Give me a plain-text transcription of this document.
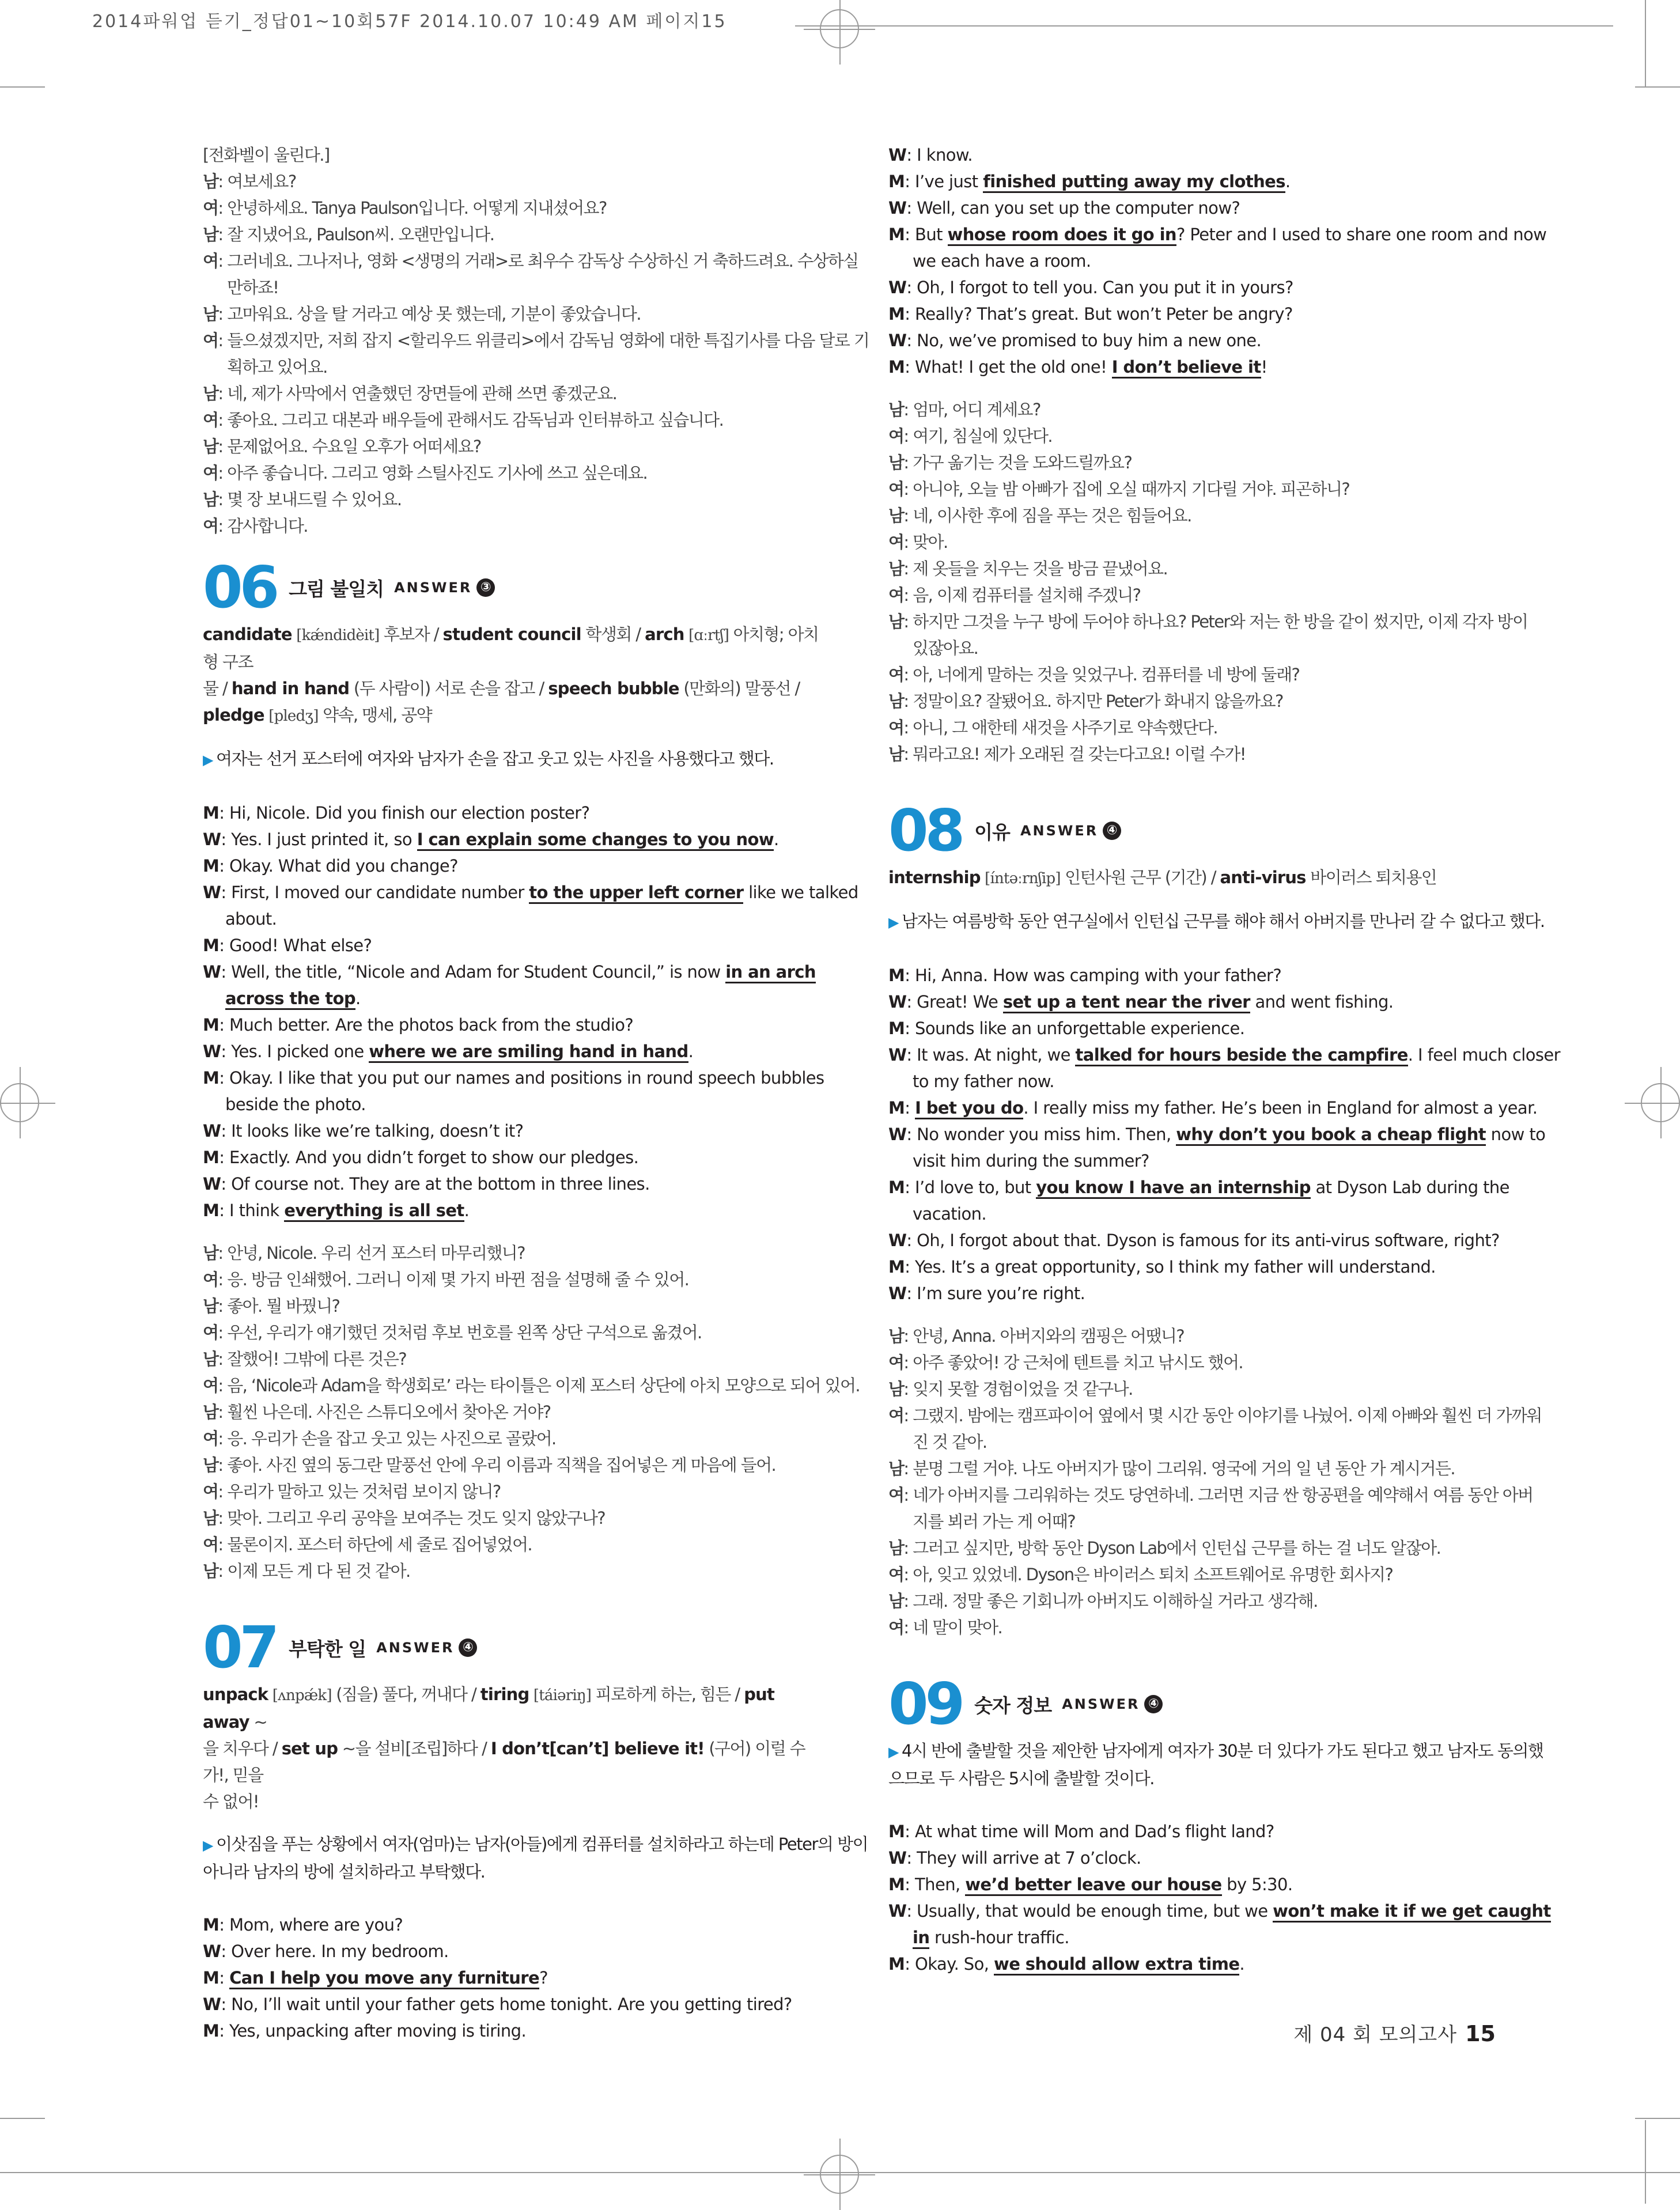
2014파워업 듣기_정답01~10회57F 2014.10.07 10:49 AM 페이지15
[전화벨이 울린다.]
남: 여보세요?
여: 안녕하세요. Tanya Paulson입니다. 어떻게 지내셨어요?
남: 잘 지냈어요, Paulson씨. 오랜만입니다.
여: 그러네요. 그나저나, 영화 <생명의 거래>로 최우수 감독상 수상하신 거 축하드려요. 수상하실
만하죠!
남: 고마워요. 상을 탈 거라고 예상 못 했는데, 기분이 좋았습니다.
여: 들으셨겠지만, 저희 잡지 <할리우드 위클리>에서 감독님 영화에 대한 특집기사를 다음 달로 기
획하고 있어요.
남: 네, 제가 사막에서 연출했던 장면들에 관해 쓰면 좋겠군요.
여: 좋아요. 그리고 대본과 배우들에 관해서도 감독님과 인터뷰하고 싶습니다.
남: 문제없어요. 수요일 오후가 어떠세요?
여: 아주 좋습니다. 그리고 영화 스틸사진도 기사에 쓰고 싶은데요.
남: 몇 장 보내드릴 수 있어요.
여: 감사합니다.
06 그림 불일치 ANSWER ③
candidate [kǽndidèit] 후보자 / student council 학생회 / arch [ɑːrtʃ] 아치형; 아치형 구조
물 / hand in hand (두 사람이) 서로 손을 잡고 / speech bubble (만화의) 말풍선 /
pledge [pledʒ] 약속, 맹세, 공약
▶ 여자는 선거 포스터에 여자와 남자가 손을 잡고 웃고 있는 사진을 사용했다고 했다.
M: Hi, Nicole. Did you finish our election poster?
W: Yes. I just printed it, so I can explain some changes to you now.
M: Okay. What did you change?
W: First, I moved our candidate number to the upper left corner like we talked
about.
M: Good! What else?
W: Well, the title, “Nicole and Adam for Student Council,” is now in an arch
across the top.
M: Much better. Are the photos back from the studio?
W: Yes. I picked one where we are smiling hand in hand.
M: Okay. I like that you put our names and positions in round speech bubbles
beside the photo.
W: It looks like we’re talking, doesn’t it?
M: Exactly. And you didn’t forget to show our pledges.
W: Of course not. They are at the bottom in three lines.
M: I think everything is all set.
남: 안녕, Nicole. 우리 선거 포스터 마무리했니?
여: 응. 방금 인쇄했어. 그러니 이제 몇 가지 바뀐 점을 설명해 줄 수 있어.
남: 좋아. 뭘 바꿨니?
여: 우선, 우리가 얘기했던 것처럼 후보 번호를 왼쪽 상단 구석으로 옮겼어.
남: 잘했어! 그밖에 다른 것은?
여: 음, ‘Nicole과 Adam을 학생회로’ 라는 타이틀은 이제 포스터 상단에 아치 모양으로 되어 있어.
남: 훨씬 나은데. 사진은 스튜디오에서 찾아온 거야?
여: 응. 우리가 손을 잡고 웃고 있는 사진으로 골랐어.
남: 좋아. 사진 옆의 동그란 말풍선 안에 우리 이름과 직책을 집어넣은 게 마음에 들어.
여: 우리가 말하고 있는 것처럼 보이지 않니?
남: 맞아. 그리고 우리 공약을 보여주는 것도 잊지 않았구나?
여: 물론이지. 포스터 하단에 세 줄로 집어넣었어.
남: 이제 모든 게 다 된 것 같아.
07 부탁한 일 ANSWER ④
unpack [ʌnpǽk] (짐을) 풀다, 꺼내다 / tiring [táiəriŋ] 피로하게 하는, 힘든 / put away ~
을 치우다 / set up ~을 설비[조립]하다 / I don’t[can’t] believe it! (구어) 이럴 수가!, 믿을
수 없어!
▶ 이삿짐을 푸는 상황에서 여자(엄마)는 남자(아들)에게 컴퓨터를 설치하라고 하는데 Peter의 방이
아니라 남자의 방에 설치하라고 부탁했다.
M: Mom, where are you?
W: Over here. In my bedroom.
M: Can I help you move any furniture?
W: No, I’ll wait until your father gets home tonight. Are you getting tired?
M: Yes, unpacking after moving is tiring.
W: I know.
M: I’ve just finished putting away my clothes.
W: Well, can you set up the computer now?
M: But whose room does it go in? Peter and I used to share one room and now
we each have a room.
W: Oh, I forgot to tell you. Can you put it in yours?
M: Really? That’s great. But won’t Peter be angry?
W: No, we’ve promised to buy him a new one.
M: What! I get the old one! I don’t believe it!
남: 엄마, 어디 계세요?
여: 여기, 침실에 있단다.
남: 가구 옮기는 것을 도와드릴까요?
여: 아니야, 오늘 밤 아빠가 집에 오실 때까지 기다릴 거야. 피곤하니?
남: 네, 이사한 후에 짐을 푸는 것은 힘들어요.
여: 맞아.
남: 제 옷들을 치우는 것을 방금 끝냈어요.
여: 음, 이제 컴퓨터를 설치해 주겠니?
남: 하지만 그것을 누구 방에 두어야 하나요? Peter와 저는 한 방을 같이 썼지만, 이제 각자 방이
있잖아요.
여: 아, 너에게 말하는 것을 잊었구나. 컴퓨터를 네 방에 둘래?
남: 정말이요? 잘됐어요. 하지만 Peter가 화내지 않을까요?
여: 아니, 그 애한테 새것을 사주기로 약속했단다.
남: 뭐라고요! 제가 오래된 걸 갖는다고요! 이럴 수가!
08 이유 ANSWER ④
internship [íntəːrnʃip] 인턴사원 근무 (기간) / anti-virus 바이러스 퇴치용인
▶ 남자는 여름방학 동안 연구실에서 인턴십 근무를 해야 해서 아버지를 만나러 갈 수 없다고 했다.
M: Hi, Anna. How was camping with your father?
W: Great! We set up a tent near the river and went fishing.
M: Sounds like an unforgettable experience.
W: It was. At night, we talked for hours beside the campfire. I feel much closer
to my father now.
M: I bet you do. I really miss my father. He’s been in England for almost a year.
W: No wonder you miss him. Then, why don’t you book a cheap flight now to
visit him during the summer?
M: I’d love to, but you know I have an internship at Dyson Lab during the
vacation.
W: Oh, I forgot about that. Dyson is famous for its anti-virus software, right?
M: Yes. It’s a great opportunity, so I think my father will understand.
W: I’m sure you’re right.
남: 안녕, Anna. 아버지와의 캠핑은 어땠니?
여: 아주 좋았어! 강 근처에 텐트를 치고 낚시도 했어.
남: 잊지 못할 경험이었을 것 같구나.
여: 그랬지. 밤에는 캠프파이어 옆에서 몇 시간 동안 이야기를 나눴어. 이제 아빠와 훨씬 더 가까워
진 것 같아.
남: 분명 그럴 거야. 나도 아버지가 많이 그리워. 영국에 거의 일 년 동안 가 계시거든.
여: 네가 아버지를 그리워하는 것도 당연하네. 그러면 지금 싼 항공편을 예약해서 여름 동안 아버
지를 뵈러 가는 게 어때?
남: 그러고 싶지만, 방학 동안 Dyson Lab에서 인턴십 근무를 하는 걸 너도 알잖아.
여: 아, 잊고 있었네. Dyson은 바이러스 퇴치 소프트웨어로 유명한 회사지?
남: 그래. 정말 좋은 기회니까 아버지도 이해하실 거라고 생각해.
여: 네 말이 맞아.
09 숫자 정보 ANSWER ④
▶ 4시 반에 출발할 것을 제안한 남자에게 여자가 30분 더 있다가 가도 된다고 했고 남자도 동의했
으므로 두 사람은 5시에 출발할 것이다.
M: At what time will Mom and Dad’s flight land?
W: They will arrive at 7 o’clock.
M: Then, we’d better leave our house by 5:30.
W: Usually, that would be enough time, but we won’t make it if we get caught
in rush-hour traffic.
M: Okay. So, we should allow extra time.
제 04 회 모의고사 15
